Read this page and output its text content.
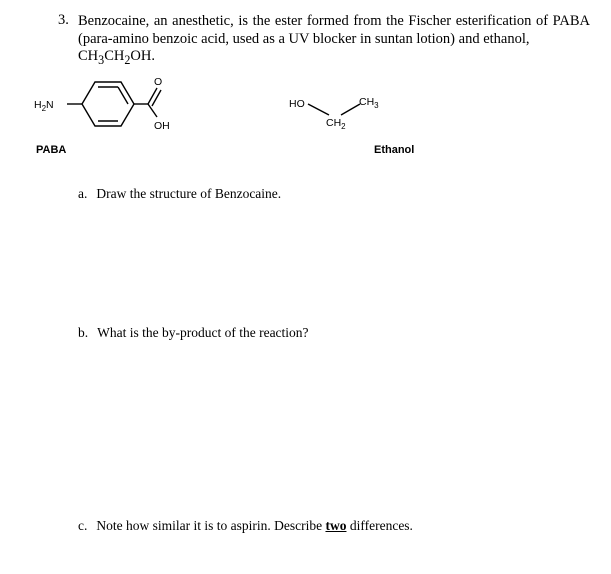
3. Benzocaine, an anesthetic, is the ester formed from the Fischer esterification of PABA (para-amino benzoic acid, used as a UV blocker in suntan lotion) and ethanol,
$CH_3CH_2OH$.
$H_2N$
O
OH
HO
$CH_2$
$CH_3$
PABA	Ethanol
a. Draw the structure of Benzocaine.
b. What is the by-product of the reaction?
c. Note how similar it is to aspirin. Describe two differences.
